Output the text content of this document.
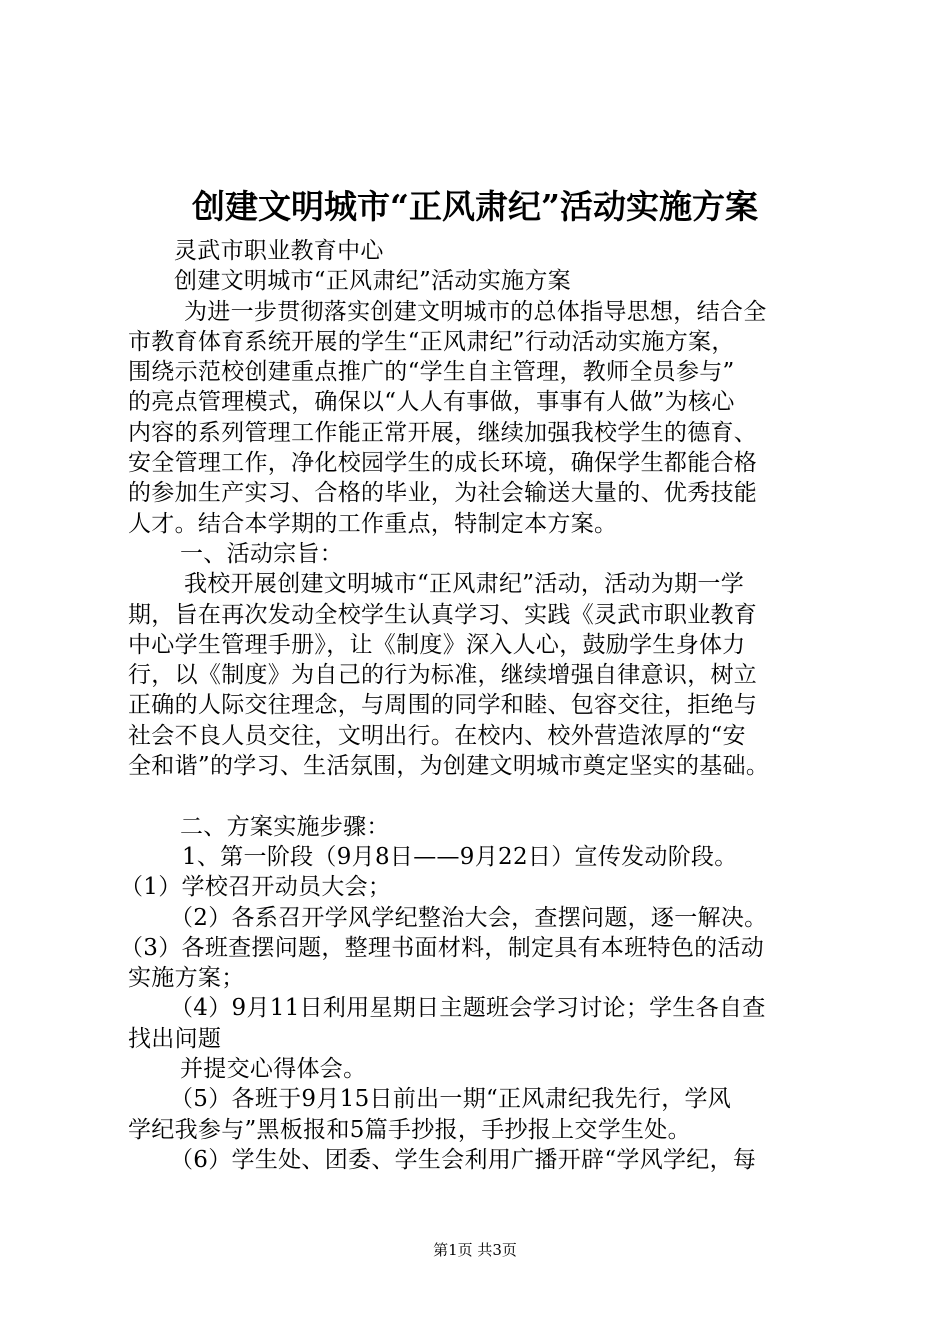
创建文明城市“正风肃纪”活动实施方案
灵武市职业教育中心
创建文明城市“正风肃纪”活动实施方案
为进一步贯彻落实创建文明城市的总体指导思想，结合全
市教育体育系统开展的学生“正风肃纪”行动活动实施方案，
围绕示范校创建重点推广的“学生自主管理，教师全员参与”
的亮点管理模式，确保以“人人有事做，事事有人做”为核心
内容的系列管理工作能正常开展，继续加强我校学生的德育、
安全管理工作，净化校园学生的成长环境，确保学生都能合格
的参加生产实习、合格的毕业，为社会输送大量的、优秀技能
人才。结合本学期的工作重点，特制定本方案。
一、活动宗旨：
我校开展创建文明城市“正风肃纪”活动，活动为期一学
期，旨在再次发动全校学生认真学习、实践《灵武市职业教育
中心学生管理手册》，让《制度》深入人心，鼓励学生身体力
行，以《制度》为自己的行为标准，继续增强自律意识，树立
正确的人际交往理念，与周围的同学和睦、包容交往，拒绝与
社会不良人员交往，文明出行。在校内、校外营造浓厚的“安
全和谐”的学习、生活氛围，为创建文明城市奠定坚实的基础。
二、方案实施步骤：
1、第一阶段（9月8日——9月22日）宣传发动阶段。
（1）学校召开动员大会；
（2）各系召开学风学纪整治大会，查摆问题，逐一解决。
（3）各班查摆问题，整理书面材料，制定具有本班特色的活动
实施方案；
（4）9月11日利用星期日主题班会学习讨论；学生各自查
找出问题
并提交心得体会。
（5）各班于9月15日前出一期“正风肃纪我先行，学风
学纪我参与”黑板报和5篇手抄报，手抄报上交学生处。
（6）学生处、团委、学生会利用广播开辟“学风学纪，每
第1页 共3页
